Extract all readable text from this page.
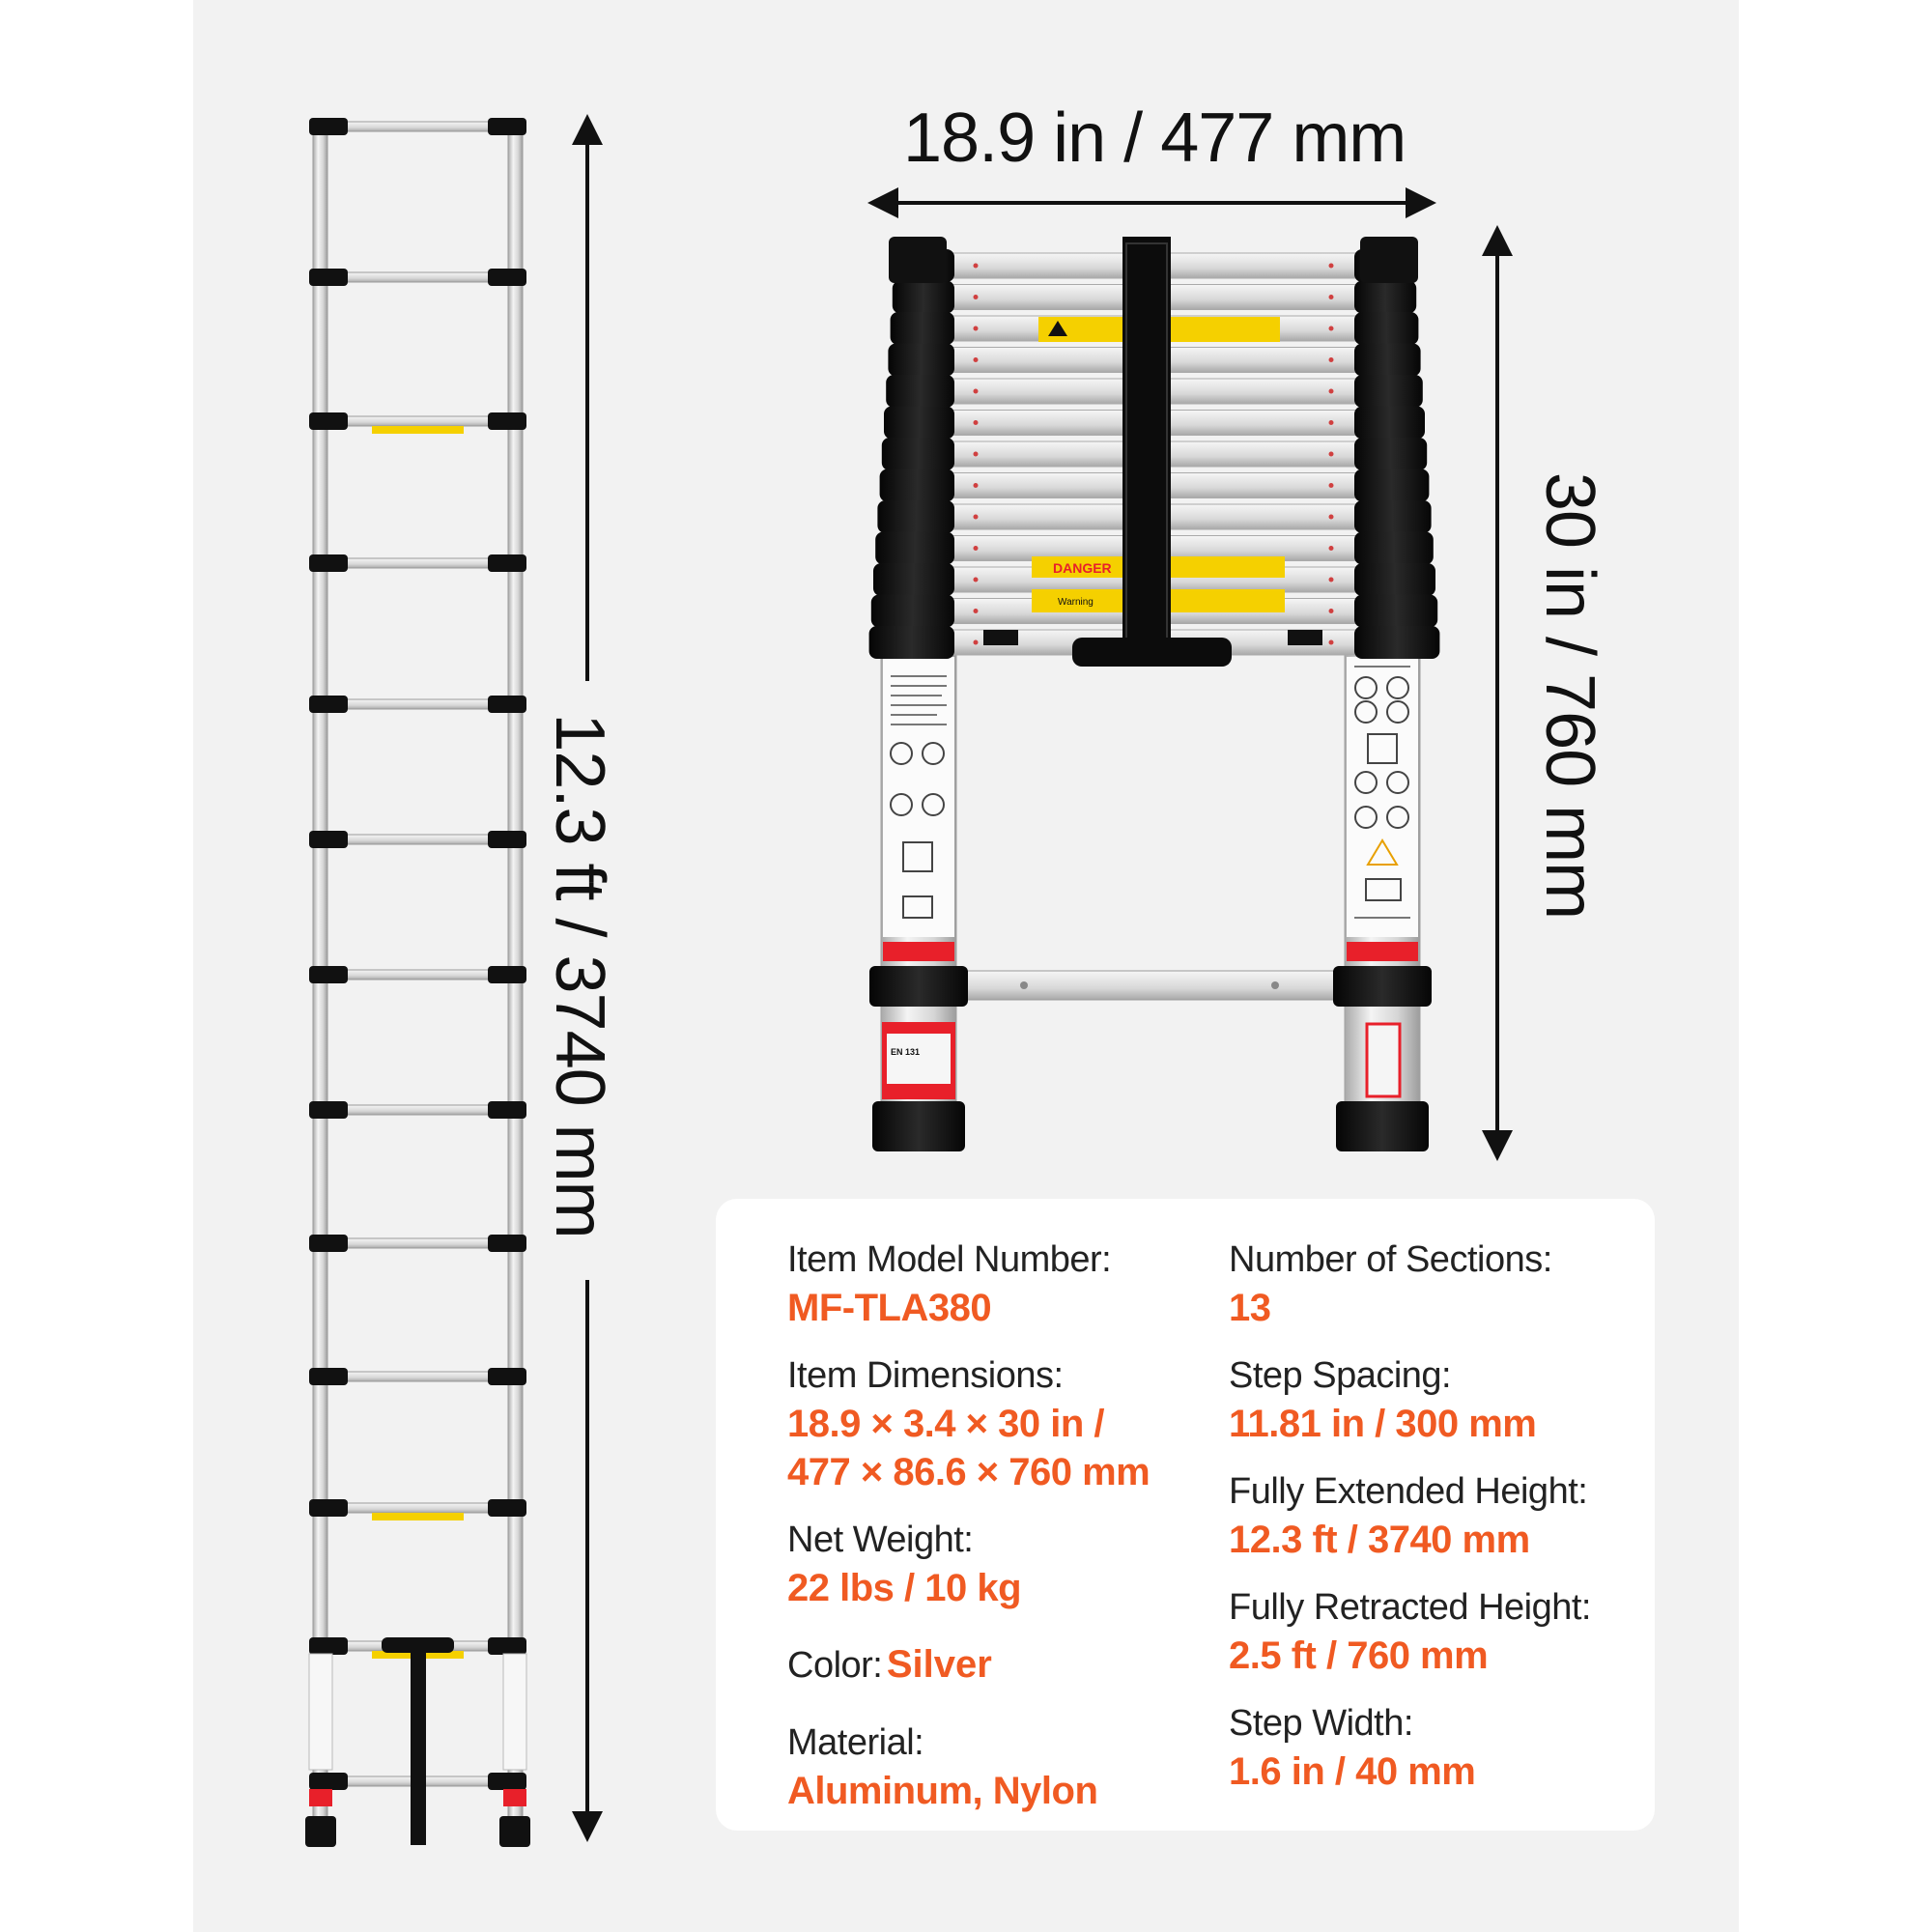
EN 131
DANGER
Warning
18.9 in / 477 mm
12.3 ft / 3740 mm
30 in / 760 mm
Item Model Number:
MF-TLA380
Item Dimensions:
18.9 × 3.4 × 30 in /
477 × 86.6 × 760 mm
Net Weight:
22 lbs / 10 kg
Color: Silver
Material:
Aluminum, Nylon
Number of Sections:
13
Step Spacing:
11.81 in / 300 mm
Fully Extended Height:
12.3 ft / 3740 mm
Fully Retracted Height:
2.5 ft / 760 mm
Step Width:
1.6 in / 40 mm
